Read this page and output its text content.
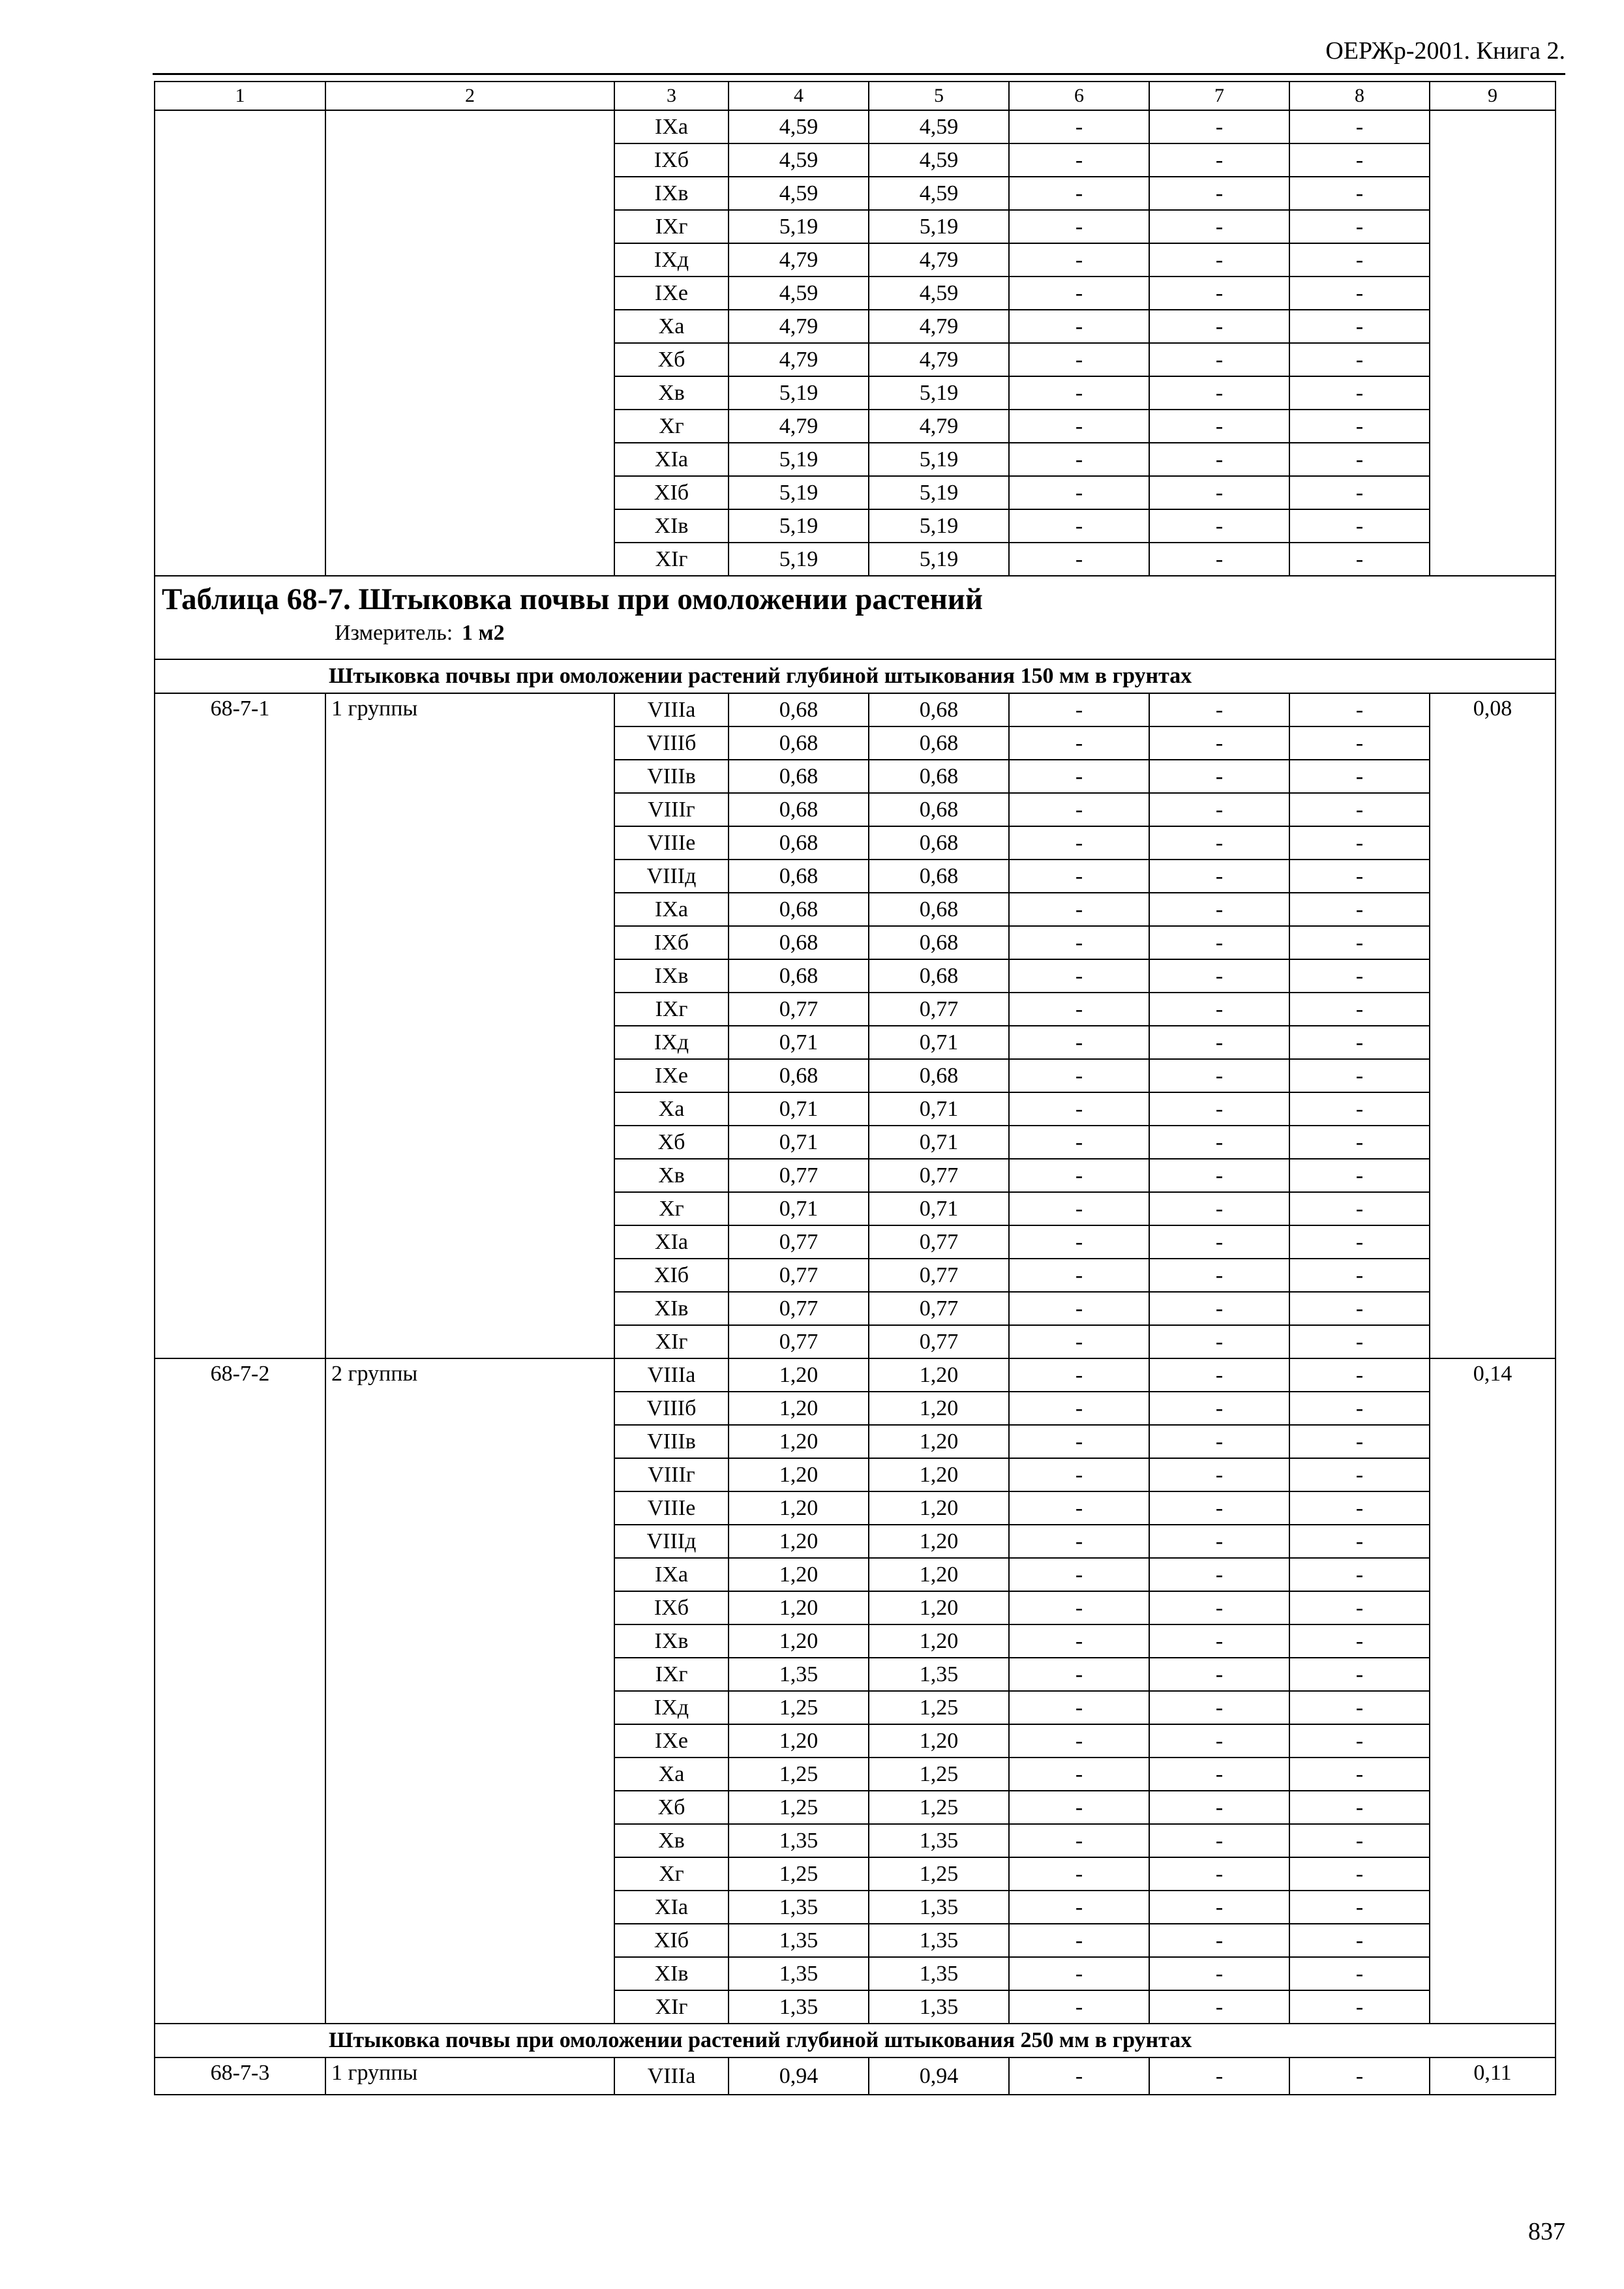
ОЕРЖр-2001. Книга 2.
1	2	3	4	5	6	7	8	9
		IXа	4,59	4,59	-	-	-	
		IXб	4,59	4,59	-	-	-	
		IXв	4,59	4,59	-	-	-	
		IXг	5,19	5,19	-	-	-	
		IXд	4,79	4,79	-	-	-	
		IXе	4,59	4,59	-	-	-	
		Xа	4,79	4,79	-	-	-	
		Xб	4,79	4,79	-	-	-	
		Xв	5,19	5,19	-	-	-	
		Xг	4,79	4,79	-	-	-	
		XIа	5,19	5,19	-	-	-	
		XIб	5,19	5,19	-	-	-	
		XIв	5,19	5,19	-	-	-	
		XIг	5,19	5,19	-	-	-	

Таблица 68-7. Штыковка почвы при омоложении растений
Измеритель: 1 м2								

Штыковка почвы при омоложении растений глубиной штыкования 150 мм в грунтах								
68-7-1	1 группы	VIIIа	0,68	0,68	-	-	-	0,08
		VIIIб	0,68	0,68	-	-	-	
		VIIIв	0,68	0,68	-	-	-	
		VIIIг	0,68	0,68	-	-	-	
		VIIIе	0,68	0,68	-	-	-	
		VIIIд	0,68	0,68	-	-	-	
		IXа	0,68	0,68	-	-	-	
		IXб	0,68	0,68	-	-	-	
		IXв	0,68	0,68	-	-	-	
		IXг	0,77	0,77	-	-	-	
		IXд	0,71	0,71	-	-	-	
		IXе	0,68	0,68	-	-	-	
		Xа	0,71	0,71	-	-	-	
		Xб	0,71	0,71	-	-	-	
		Xв	0,77	0,77	-	-	-	
		Xг	0,71	0,71	-	-	-	
		XIа	0,77	0,77	-	-	-	
		XIб	0,77	0,77	-	-	-	
		XIв	0,77	0,77	-	-	-	
		XIг	0,77	0,77	-	-	-	
68-7-2	2 группы	VIIIа	1,20	1,20	-	-	-	0,14
		VIIIб	1,20	1,20	-	-	-	
		VIIIв	1,20	1,20	-	-	-	
		VIIIг	1,20	1,20	-	-	-	
		VIIIе	1,20	1,20	-	-	-	
		VIIIд	1,20	1,20	-	-	-	
		IXа	1,20	1,20	-	-	-	
		IXб	1,20	1,20	-	-	-	
		IXв	1,20	1,20	-	-	-	
		IXг	1,35	1,35	-	-	-	
		IXд	1,25	1,25	-	-	-	
		IXе	1,20	1,20	-	-	-	
		Xа	1,25	1,25	-	-	-	
		Xб	1,25	1,25	-	-	-	
		Xв	1,35	1,35	-	-	-	
		Xг	1,25	1,25	-	-	-	
		XIа	1,35	1,35	-	-	-	
		XIб	1,35	1,35	-	-	-	
		XIв	1,35	1,35	-	-	-	
		XIг	1,35	1,35	-	-	-	
Штыковка почвы при омоложении растений глубиной штыкования 250 мм в грунтах								
68-7-3	1 группы	VIIIа	0,94	0,94	-	-	-	0,11
837
